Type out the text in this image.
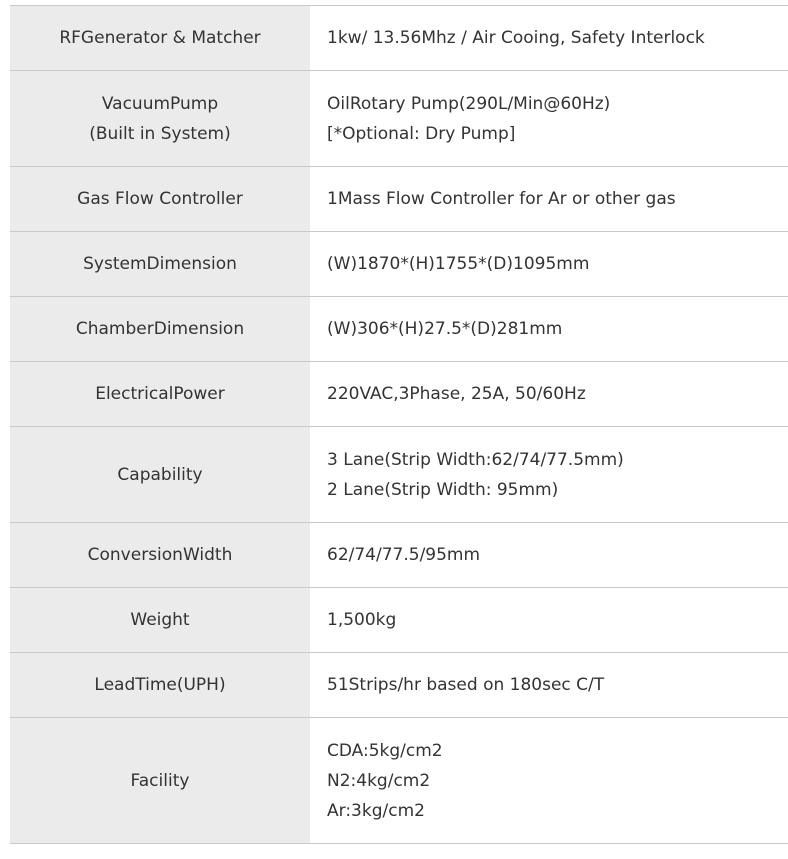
RFGenerator & Matcher	1kw/ 13.56Mhz / Air Cooing, Safety Interlock

VacuumPump
(Built in System)	OilRotary Pump(290L/Min@60Hz)
[*Optional: Dry Pump]

Gas Flow Controller	1Mass Flow Controller for Ar or other gas

SystemDimension	(W)1870*(H)1755*(D)1095mm

ChamberDimension	(W)306*(H)27.5*(D)281mm

ElectricalPower	220VAC,3Phase, 25A, 50/60Hz

Capability	3 Lane(Strip Width:62/74/77.5mm)
2 Lane(Strip Width: 95mm)

ConversionWidth	62/74/77.5/95mm

Weight	1,500kg

LeadTime(UPH)	51Strips/hr based on 180sec C/T

Facility	CDA:5kg/cm2
N2:4kg/cm2
Ar:3kg/cm2
